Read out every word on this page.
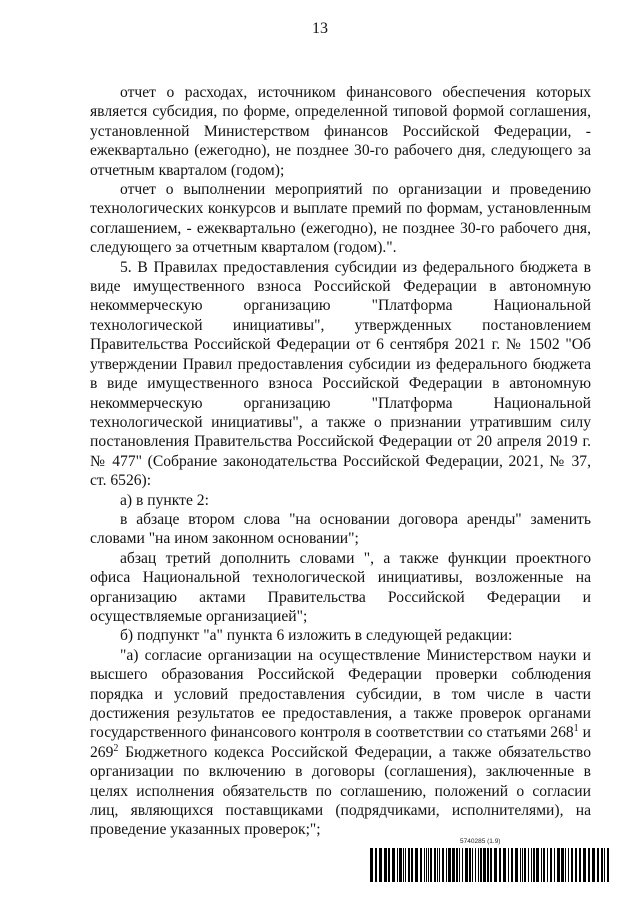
13

отчет о расходах, источником финансового обеспечения которых является субсидия, по форме, определенной типовой формой соглашения, установленной Министерством финансов Российской Федерации, - ежеквартально (ежегодно), не позднее 30-го рабочего дня, следующего за отчетным кварталом (годом);

отчет о выполнении мероприятий по организации и проведению технологических конкурсов и выплате премий по формам, установленным соглашением, - ежеквартально (ежегодно), не позднее 30-го рабочего дня, следующего за отчетным кварталом (годом).".

5. В Правилах предоставления субсидии из федерального бюджета в виде имущественного взноса Российской Федерации в автономную некоммерческую организацию "Платформа Национальной технологической инициативы", утвержденных постановлением Правительства Российской Федерации от 6 сентября 2021 г. № 1502 "Об утверждении Правил предоставления субсидии из федерального бюджета в виде имущественного взноса Российской Федерации в автономную некоммерческую организацию "Платформа Национальной технологической инициативы", а также о признании утратившим силу постановления Правительства Российской Федерации от 20 апреля 2019 г. № 477" (Собрание законодательства Российской Федерации, 2021, № 37, ст. 6526):

а) в пункте 2:

в абзаце втором слова "на основании договора аренды" заменить словами "на ином законном основании";

абзац третий дополнить словами ", а также функции проектного офиса Национальной технологической инициативы, возложенные на организацию актами Правительства Российской Федерации и осуществляемые организацией";

б) подпункт "а" пункта 6 изложить в следующей редакции:

"а) согласие организации на осуществление Министерством науки и высшего образования Российской Федерации проверки соблюдения порядка и условий предоставления субсидии, в том числе в части достижения результатов ее предоставления, а также проверок органами государственного финансового контроля в соответствии со статьями $268^1$ и $269^2$ Бюджетного кодекса Российской Федерации, а также обязательство организации по включению в договоры (соглашения), заключенные в целях исполнения обязательств по соглашению, положений о согласии лиц, являющихся поставщиками (подрядчиками, исполнителями), на проведение указанных проверок;";

5740285 (1.9)
